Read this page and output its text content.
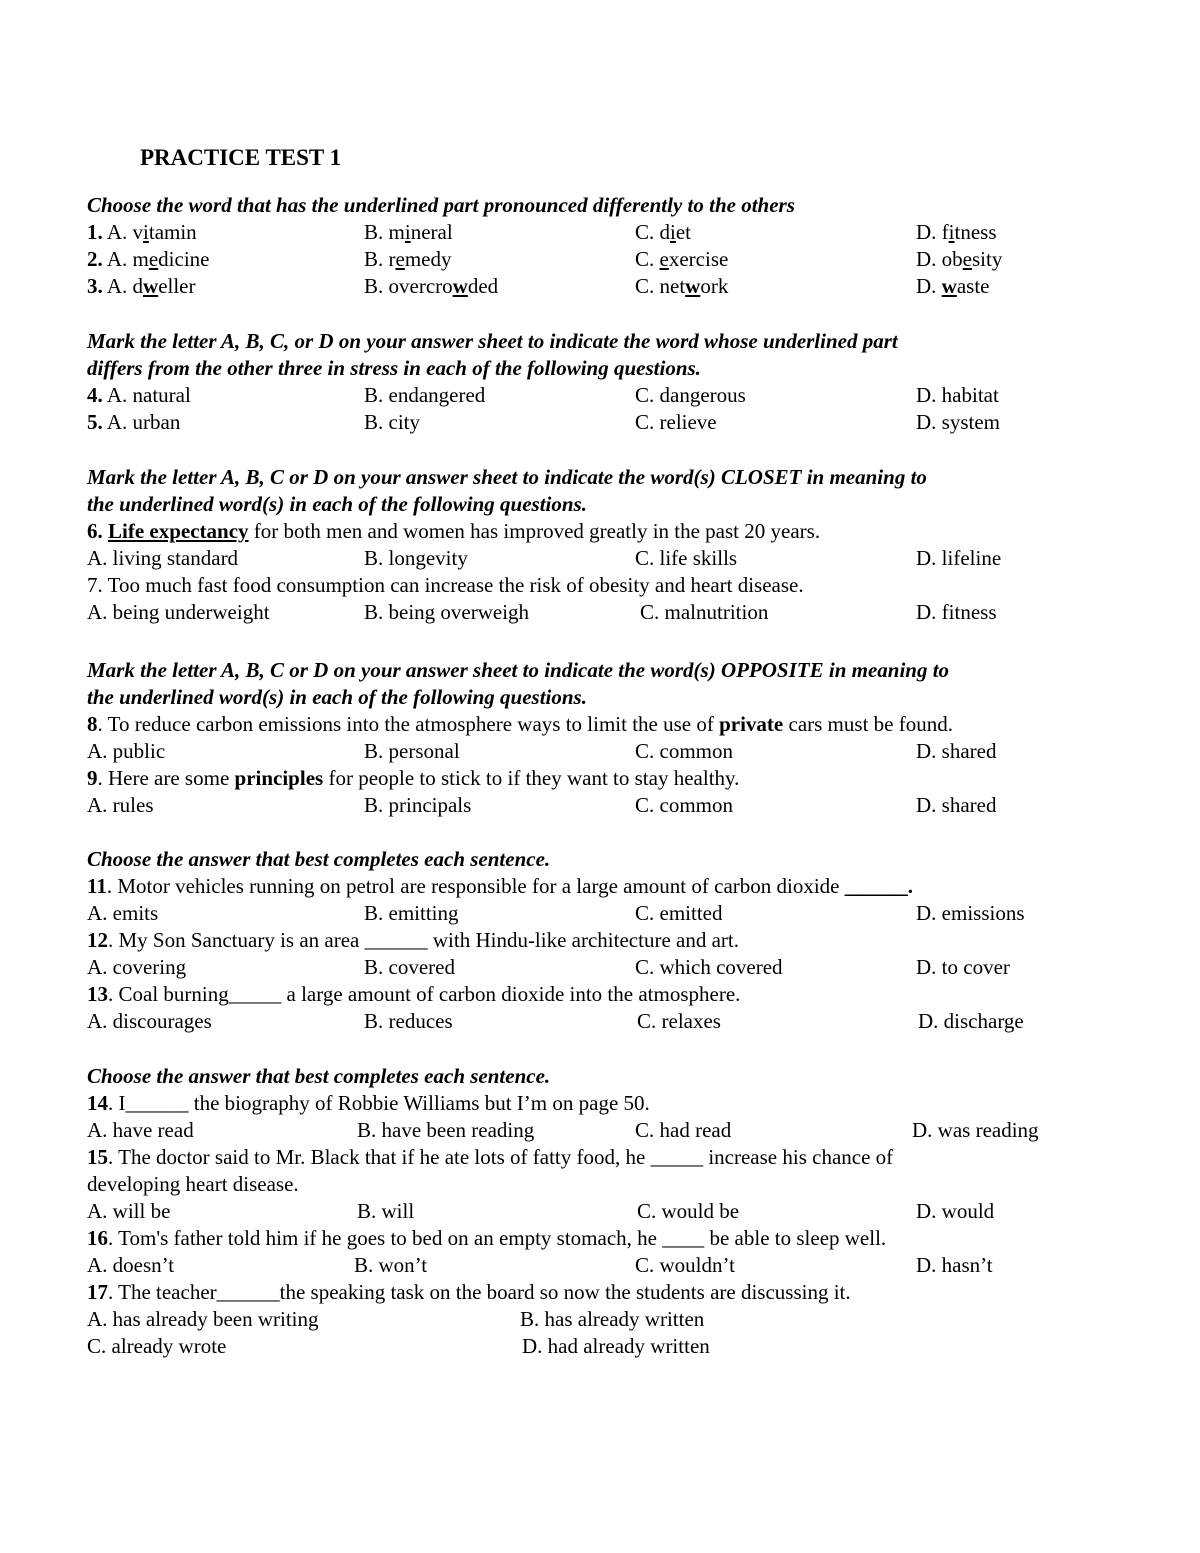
PRACTICE TEST 1
Choose the word that has the underlined part pronounced differently to the others
1. A. vitamin	B. mineral	C. diet	D. fitness
2. A. medicine	B. remedy	C. exercise	D. obesity
3. A. dweller	B. overcrowded	C. network	D. waste
Mark the letter A, B, C, or D on your answer sheet to indicate the word whose underlined part
differs from the other three in stress in each of the following questions.
4. A. natural	B. endangered	C. dangerous	D. habitat
5. A. urban	B. city	C. relieve	D. system
Mark the letter A, B, C or D on your answer sheet to indicate the word(s) CLOSET in meaning to
the underlined word(s) in each of the following questions.
6. Life expectancy for both men and women has improved greatly in the past 20 years.
A. living standard	B. longevity	C. life skills	D. lifeline
7. Too much fast food consumption can increase the risk of obesity and heart disease.
A. being underweight	B. being overweigh	C. malnutrition	D. fitness
Mark the letter A, B, C or D on your answer sheet to indicate the word(s) OPPOSITE in meaning to
the underlined word(s) in each of the following questions.
8. To reduce carbon emissions into the atmosphere ways to limit the use of private cars must be found.
A. public	B. personal	C. common	D. shared
9. Here are some principles for people to stick to if they want to stay healthy.
A. rules	B. principals	C. common	D. shared
Choose the answer that best completes each sentence.
11. Motor vehicles running on petrol are responsible for a large amount of carbon dioxide ______.
A. emits	B. emitting	C. emitted	D. emissions
12. My Son Sanctuary is an area ______ with Hindu-like architecture and art.
A. covering	B. covered	C. which covered	D. to cover
13. Coal burning_____ a large amount of carbon dioxide into the atmosphere.
A. discourages	B. reduces	C. relaxes	D. discharge
Choose the answer that best completes each sentence.
14. I______ the biography of Robbie Williams but I’m on page 50.
A. have read	B. have been reading	C. had read	D. was reading
15. The doctor said to Mr. Black that if he ate lots of fatty food, he _____ increase his chance of
developing heart disease.
A. will be	B. will	C. would be	D. would
16. Tom's father told him if he goes to bed on an empty stomach, he ____ be able to sleep well.
A. doesn’t	B. won’t	C. wouldn’t	D. hasn’t
17. The teacher______the speaking task on the board so now the students are discussing it.
A. has already been writing	B. has already written
C. already wrote	D. had already written
